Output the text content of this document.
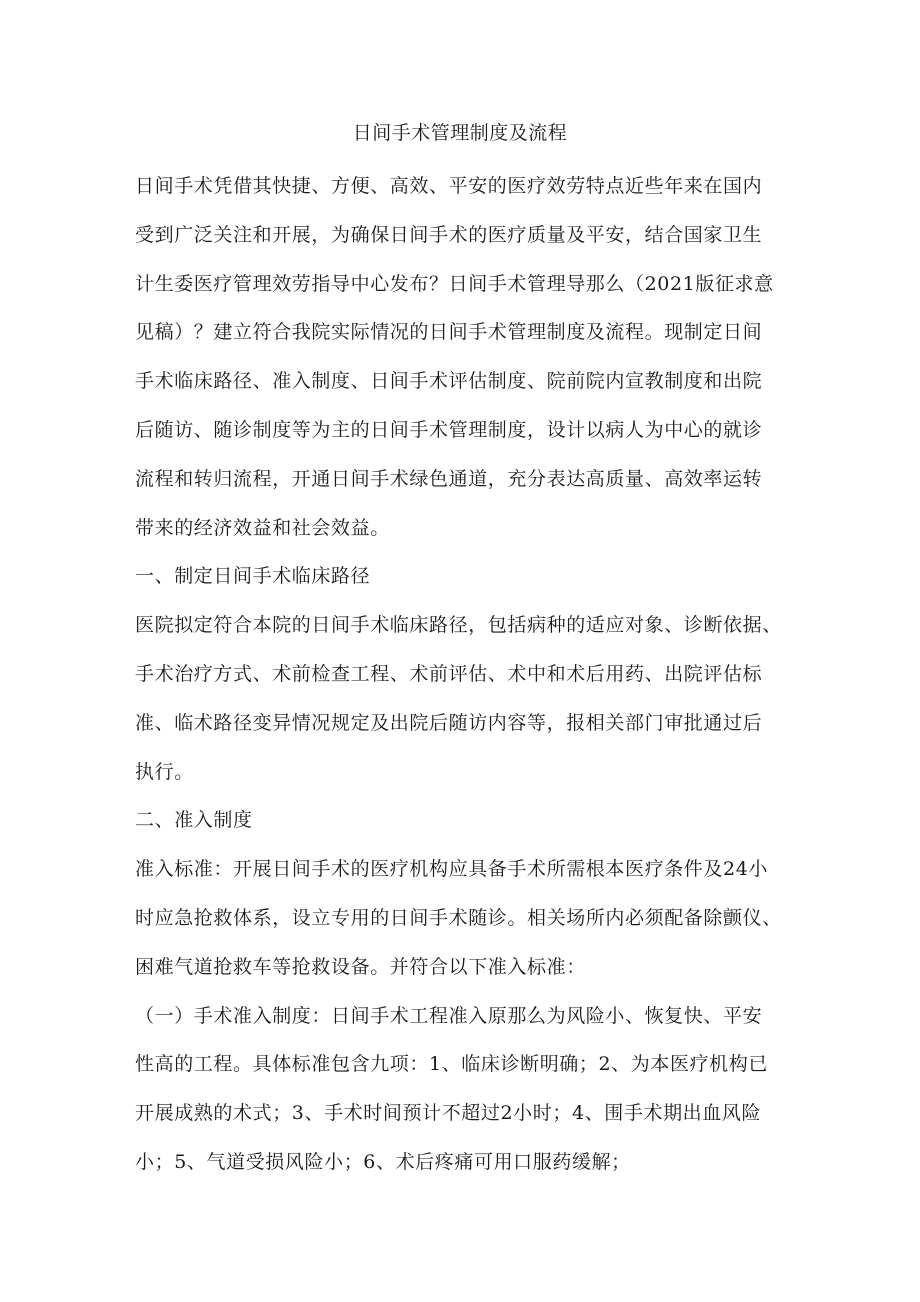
日间手术管理制度及流程
日间手术凭借其快捷、方便、高效、平安的医疗效劳特点近些年来在国内
受到广泛关注和开展，为确保日间手术的医疗质量及平安，结合国家卫生
计生委医疗管理效劳指导中心发布？日间手术管理导那么（2021版征求意
见稿）？建立符合我院实际情况的日间手术管理制度及流程。现制定日间
手术临床路径、准入制度、日间手术评估制度、院前院内宣教制度和出院
后随访、随诊制度等为主的日间手术管理制度，设计以病人为中心的就诊
流程和转归流程，开通日间手术绿色通道，充分表达高质量、高效率运转
带来的经济效益和社会效益。
一、制定日间手术临床路径
医院拟定符合本院的日间手术临床路径，包括病种的适应对象、诊断依据、
手术治疗方式、术前检查工程、术前评估、术中和术后用药、出院评估标
准、临术路径变异情况规定及出院后随访内容等，报相关部门审批通过后
执行。
二、准入制度
准入标准：开展日间手术的医疗机构应具备手术所需根本医疗条件及24小
时应急抢救体系，设立专用的日间手术随诊。相关场所内必须配备除颤仪、
困难气道抢救车等抢救设备。并符合以下准入标准：
（一）手术准入制度：日间手术工程准入原那么为风险小、恢复快、平安
性高的工程。具体标准包含九项：1、临床诊断明确；2、为本医疗机构已
开展成熟的术式；3、手术时间预计不超过2小时；4、围手术期出血风险
小；5、气道受损风险小；6、术后疼痛可用口服药缓解；
